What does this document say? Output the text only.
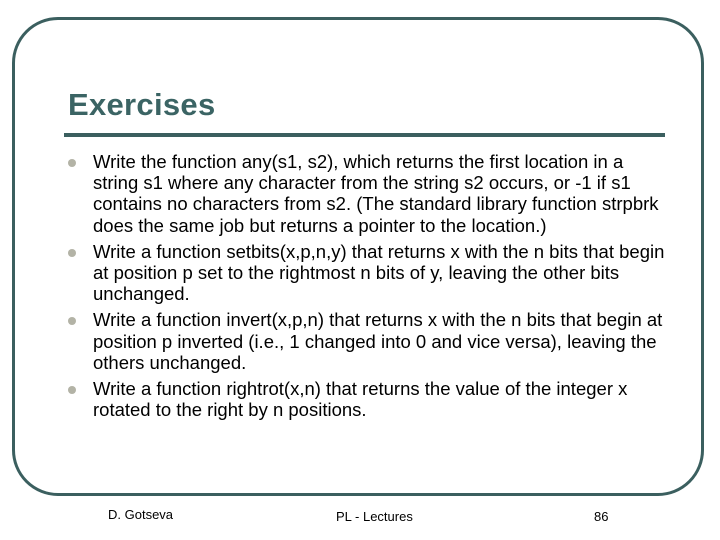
Exercises
Write the function any(s1, s2), which returns the first location in a string s1 where any character from the string s2 occurs, or -1 if s1 contains no characters from s2. (The standard library function strpbrk does the same job but returns a pointer to the location.)
Write a function setbits(x,p,n,y) that returns x with the n bits that begin at position p set to the rightmost n bits of y, leaving the other bits unchanged.
Write a function invert(x,p,n) that returns x with the n bits that begin at position p inverted (i.e., 1 changed into 0 and vice versa), leaving the others unchanged.
Write a function rightrot(x,n) that returns the value of the integer x rotated to the right by n positions.
D. Gotseva	PL - Lectures	86
